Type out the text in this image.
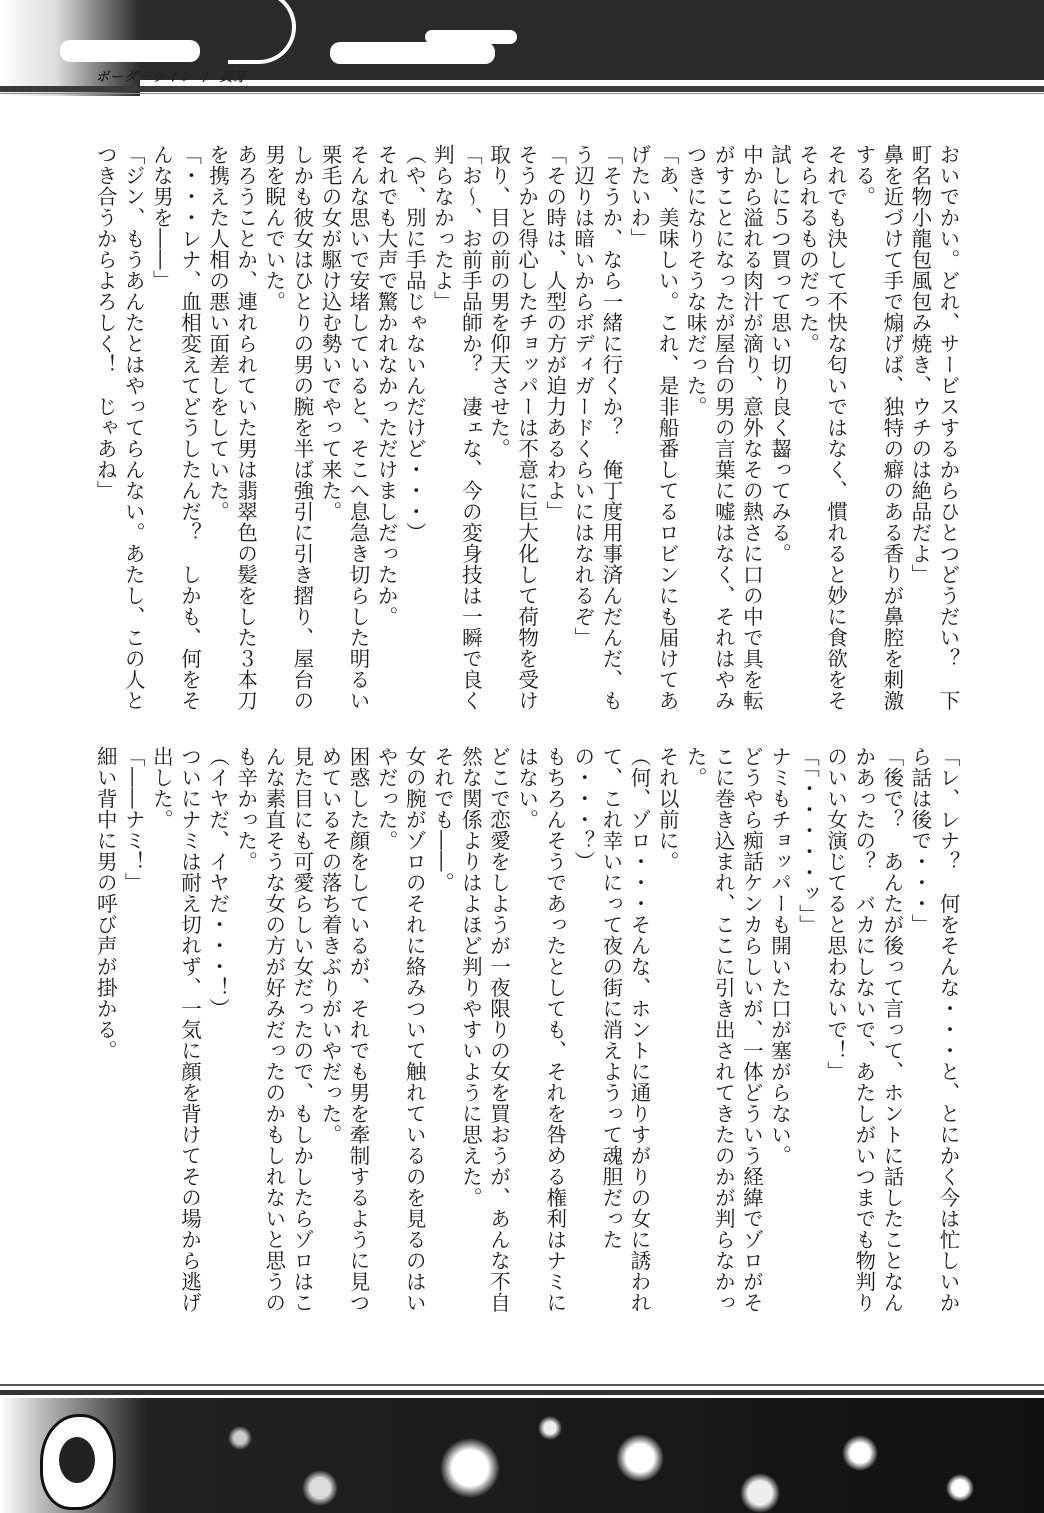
ボーダーライン / 真牙
おいでかい。どれ、サービスするからひとつどうだい？　下
町名物小龍包風包み焼き、ウチのは絶品だよ」
鼻を近づけて手で煽げば、独特の癖のある香りが鼻腔を刺激
する。
それでも決して不快な匂いではなく、慣れると妙に食欲をそ
そられるものだった。
試しに５つ買って思い切り良く齧ってみる。
中から溢れる肉汁が滴り、意外なその熱さに口の中で具を転
がすことになったが屋台の男の言葉に嘘はなく、それはやみ
つきになりそうな味だった。
「あ、美味しい。これ、是非船番してるロビンにも届けてあ
げたいわ」
「そうか、なら一緒に行くか？　俺丁度用事済んだんだ、も
う辺りは暗いからボディガードくらいにはなれるぞ」
「その時は、人型の方が迫力あるわよ」
そうかと得心したチョッパーは不意に巨大化して荷物を受け
取り、目の前の男を仰天させた。
「お～、お前手品師か？　凄ェな、今の変身技は一瞬で良く
判らなかったよ」
（や、別に手品じゃないんだけど・・・）
それでも大声で驚かれなかっただけましだったか。
そんな思いで安堵していると、そこへ息急き切らした明るい
栗毛の女が駆け込む勢いでやって来た。
しかも彼女はひとりの男の腕を半ば強引に引き摺り、屋台の
男を睨んでいた。
あろうことか、連れられていた男は翡翠色の髪をした３本刀
を携えた人相の悪い面差しをしていた。
「・・・レナ、血相変えてどうしたんだ？　しかも、何をそ
んな男を――」
「ジン、もうあんたとはやってらんない。あたし、この人と
つき合うからよろしく！　じゃあね」
「レ、レナ？　何をそんな・・・と、とにかく今は忙しいか
ら話は後で・・・」
「後で？　あんたが後って言って、ホントに話したことなん
かあったの？　バカにしないで、あたしがいつまでも物判り
のいい女演じてると思わないで！」
「「・・・・・ッ」」
ナミもチョッパーも開いた口が塞がらない。
どうやら痴話ケンカらしいが、一体どういう経緯でゾロがそ
こに巻き込まれ、ここに引き出されてきたのかが判らなかっ
た。
それ以前に。
（何、ゾロ・・・そんな、ホントに通りすがりの女に誘われ
て、これ幸いにって夜の街に消えようって魂胆だった
の・・・？）
もちろんそうであったとしても、それを咎める権利はナミに
はない。
どこで恋愛をしようが一夜限りの女を買おうが、あんな不自
然な関係よりはよほど判りやすいように思えた。
それでも――。
女の腕がゾロのそれに絡みついて触れているのを見るのはい
やだった。
困惑した顔をしているが、それでも男を牽制するように見つ
めているその落ち着きぶりがいやだった。
見た目にも可愛らしい女だったので、もしかしたらゾロはこ
んな素直そうな女の方が好みだったのかもしれないと思うの
も辛かった。
（イヤだ、イヤだ・・・！）
ついにナミは耐え切れず、一気に顔を背けてその場から逃げ
出した。
「――ナミ！」
細い背中に男の呼び声が掛かる。
